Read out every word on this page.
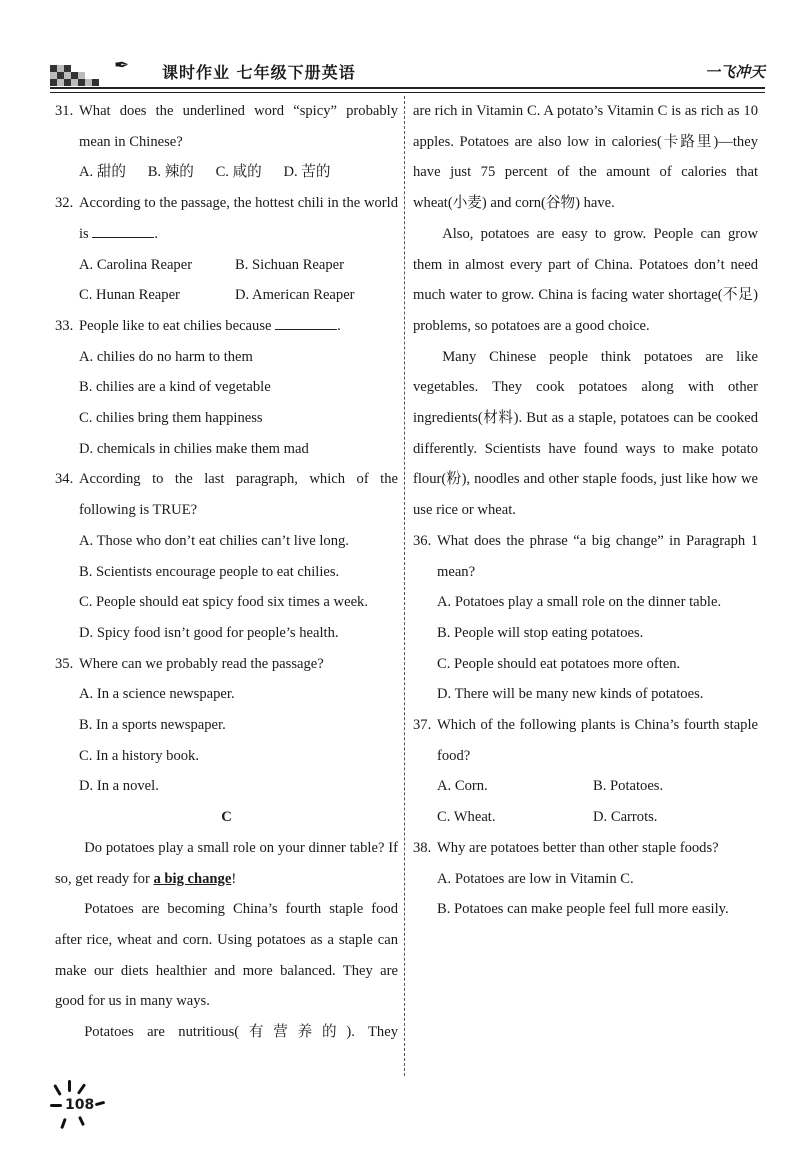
✒ 课时作业 七年级下册英语	一飞冲天
31. What does the underlined word “spicy” probably mean in Chinese?
A. 甜的 B. 辣的 C. 咸的 D. 苦的
32. According to the passage, the hottest chili in the world is	.
A. Carolina Reaper	B. Sichuan Reaper
C. Hunan Reaper	D. American Reaper
33. People like to eat chilies because	.
A. chilies do no harm to them
B. chilies are a kind of vegetable
C. chilies bring them happiness
D. chemicals in chilies make them mad
34. According to the last paragraph, which of the following is TRUE?
A. Those who don’t eat chilies can’t live long.
B. Scientists encourage people to eat chilies.
C. People should eat spicy food six times a week.
D. Spicy food isn’t good for people’s health.
35. Where can we probably read the passage?
A. In a science newspaper.
B. In a sports newspaper.
C. In a history book.
D. In a novel.
C
Do potatoes play a small role on your dinner table? If so, get ready for a big change!
Potatoes are becoming China’s fourth staple food after rice, wheat and corn. Using potatoes as a staple can make our diets healthier and more balanced. They are good for us in many ways.
Potatoes are nutritious(有营养的). They
are rich in Vitamin C. A potato’s Vitamin C is as rich as 10 apples. Potatoes are also low in calories(卡路里)—they have just 75 percent of the amount of calories that wheat(小麦) and corn(谷物) have.
Also, potatoes are easy to grow. People can grow them in almost every part of China. Potatoes don’t need much water to grow. China is facing water shortage(不足) problems, so potatoes are a good choice.
Many Chinese people think potatoes are like vegetables. They cook potatoes along with other ingredients(材料). But as a staple, potatoes can be cooked differently. Scientists have found ways to make potato flour(粉), noodles and other staple foods, just like how we use rice or wheat.
36. What does the phrase “a big change” in Paragraph 1 mean?
A. Potatoes play a small role on the dinner table.
B. People will stop eating potatoes.
C. People should eat potatoes more often.
D. There will be many new kinds of potatoes.
37. Which of the following plants is China’s fourth staple food?
A. Corn.	B. Potatoes.
C. Wheat.	D. Carrots.
38. Why are potatoes better than other staple foods?
A. Potatoes are low in Vitamin C.
B. Potatoes can make people feel full more easily.
108
